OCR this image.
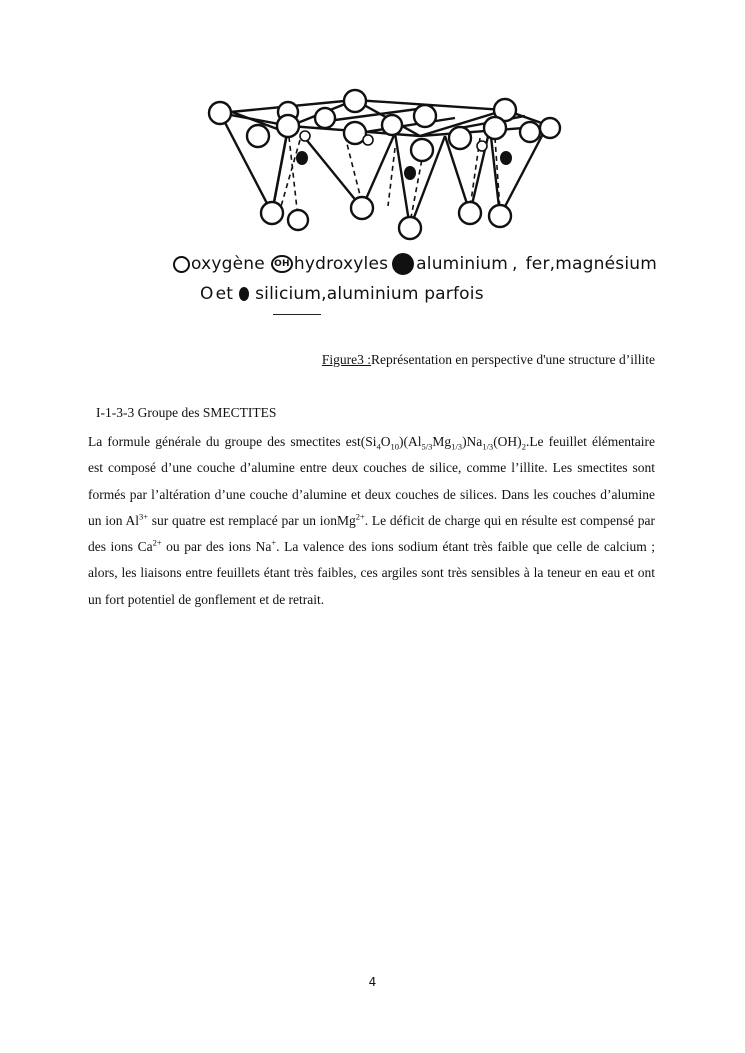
oxygène	OH hydroxyles aluminium , fer,magnésium
O et silicium,aluminium parfois
Figure3 :Représentation en perspective d'une structure d’illite
I-1-3-3 Groupe des SMECTITES
La formule générale du groupe des smectites $est(Si_4O_{10})(Al_{5/3}Mg_{1/3})Na_{1/3}(OH)_2.Le$ feuillet élémentaire est composé d’une couche d’alumine entre deux couches de silice, comme l’illite. Les smectites sont formés par l’altération d’une couche d’alumine et deux couches de silices. Dans les couches d’alumine un ion $Al^{3+}$ sur quatre est remplacé par un ionMg$^{2+}$. Le déficit de charge qui en résulte est compensé par des ions $Ca^{2+}$ ou par des ions Na+. La valence des ions sodium étant très faible que celle de calcium ; alors, les liaisons entre feuillets étant très faibles, ces argiles sont très sensibles à la teneur en eau et ont un fort potentiel de gonflement et de retrait.
4
